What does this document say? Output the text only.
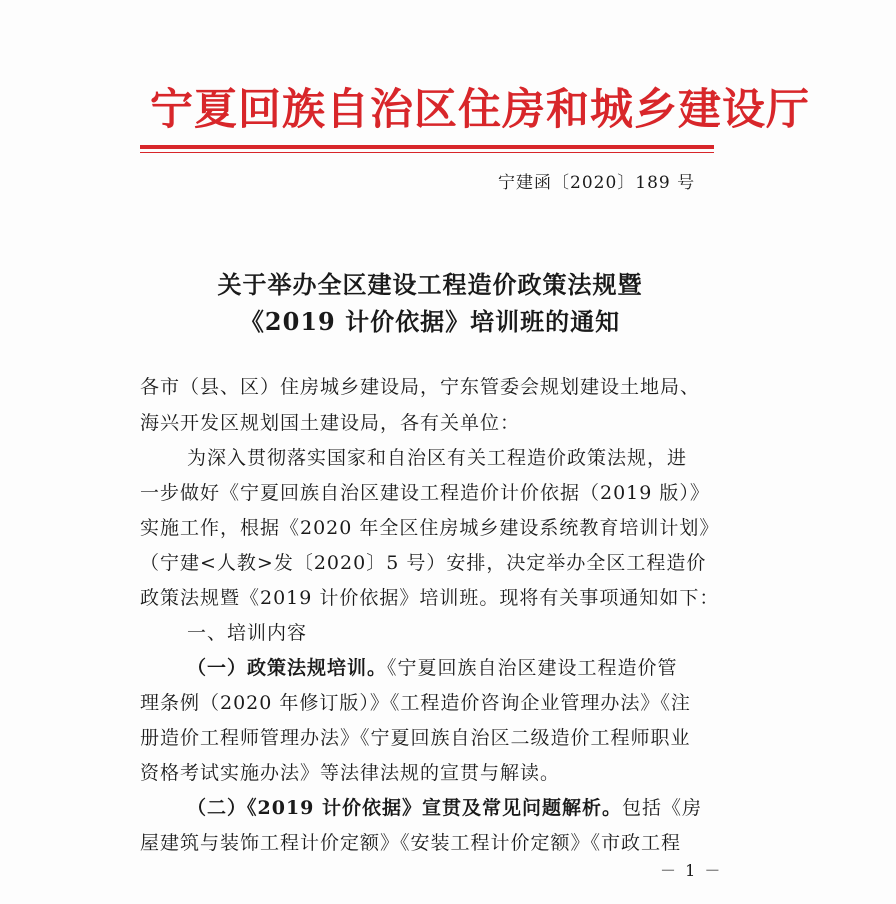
宁夏回族自治区住房和城乡建设厅
宁建函〔2020〕189 号
关于举办全区建设工程造价政策法规暨
《2019 计价依据》培训班的通知
各市（县、区）住房城乡建设局，宁东管委会规划建设土地局、
海兴开发区规划国土建设局，各有关单位：
为深入贯彻落实国家和自治区有关工程造价政策法规，进
一步做好《宁夏回族自治区建设工程造价计价依据（2019 版）》
实施工作，根据《2020 年全区住房城乡建设系统教育培训计划》
（宁建<人教>发〔2020〕5 号）安排，决定举办全区工程造价
政策法规暨《2019 计价依据》培训班。现将有关事项通知如下：
一、培训内容
（一）政策法规培训。《宁夏回族自治区建设工程造价管
理条例（2020 年修订版）》《工程造价咨询企业管理办法》《注
册造价工程师管理办法》《宁夏回族自治区二级造价工程师职业
资格考试实施办法》等法律法规的宣贯与解读。
（二）《2019 计价依据》宣贯及常见问题解析。包括《房
屋建筑与装饰工程计价定额》《安装工程计价定额》《市政工程
－ 1 －
